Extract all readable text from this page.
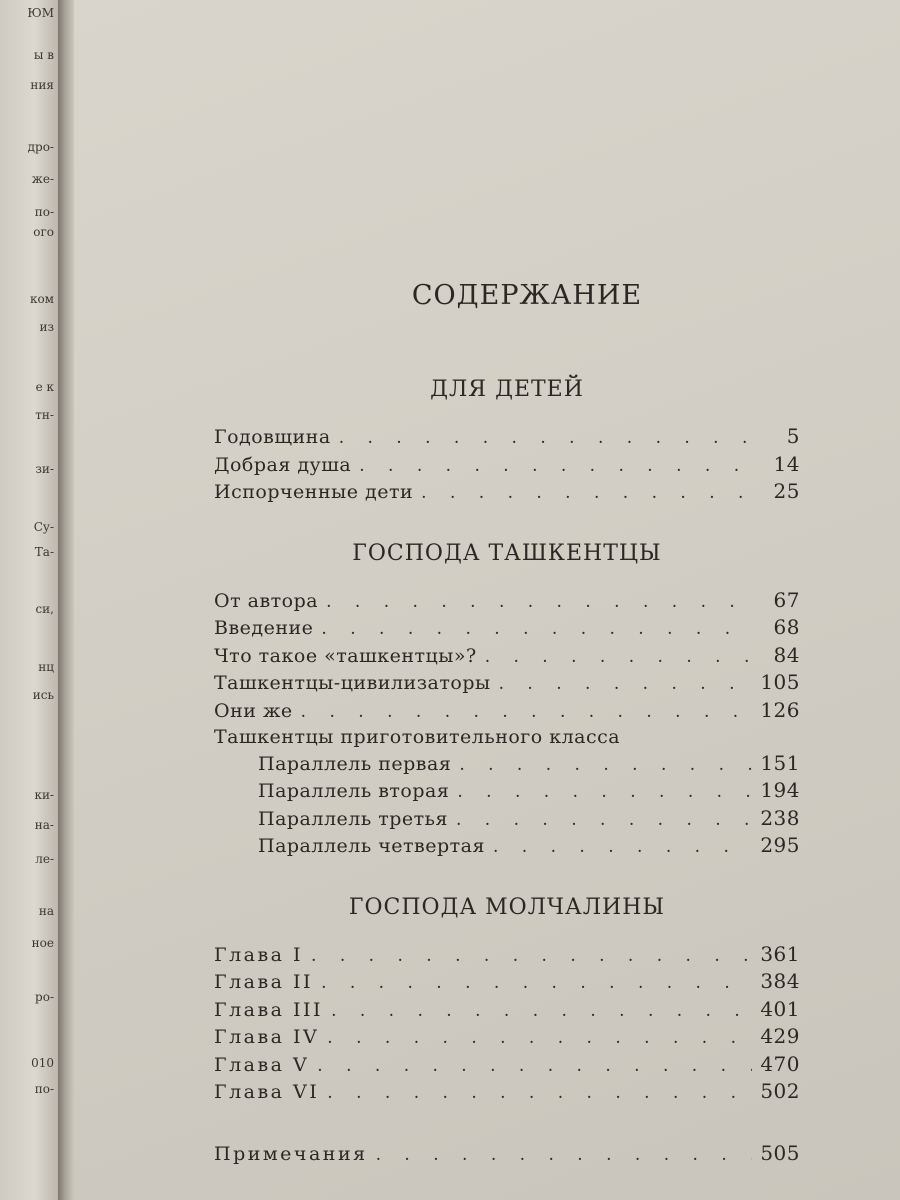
ЮМ
ы в
ния
дро-
же-
по-
ого
ком
из
е к
тн-
зи-
Су-
Та-
си,
нц
ись
ки-
на-
ле-
на
ное
ро-
010
по-
СОДЕРЖАНИЕ
ДЛЯ ДЕТЕЙ
Годовщина . . .	5
Добрая душа . . .	14
Испорченные дети . . .	25
ГОСПОДА ТАШКЕНТЦЫ
От автора . . .	67
Введение . . .	68
Что такое «ташкентцы»? . . .	84
Ташкентцы-цивилизаторы . . .	105
Они же . . .	126
Ташкентцы приготовительного класса
Параллель первая . . .	151
Параллель вторая . . .	194
Параллель третья . . .	238
Параллель четвертая . . .	295
ГОСПОДА МОЛЧАЛИНЫ
Глава I . . .	361
Глава II . . .	384
Глава III . . .	401
Глава IV . . .	429
Глава V . . .	470
Глава VI . . .	502
Примечания . . .	505
